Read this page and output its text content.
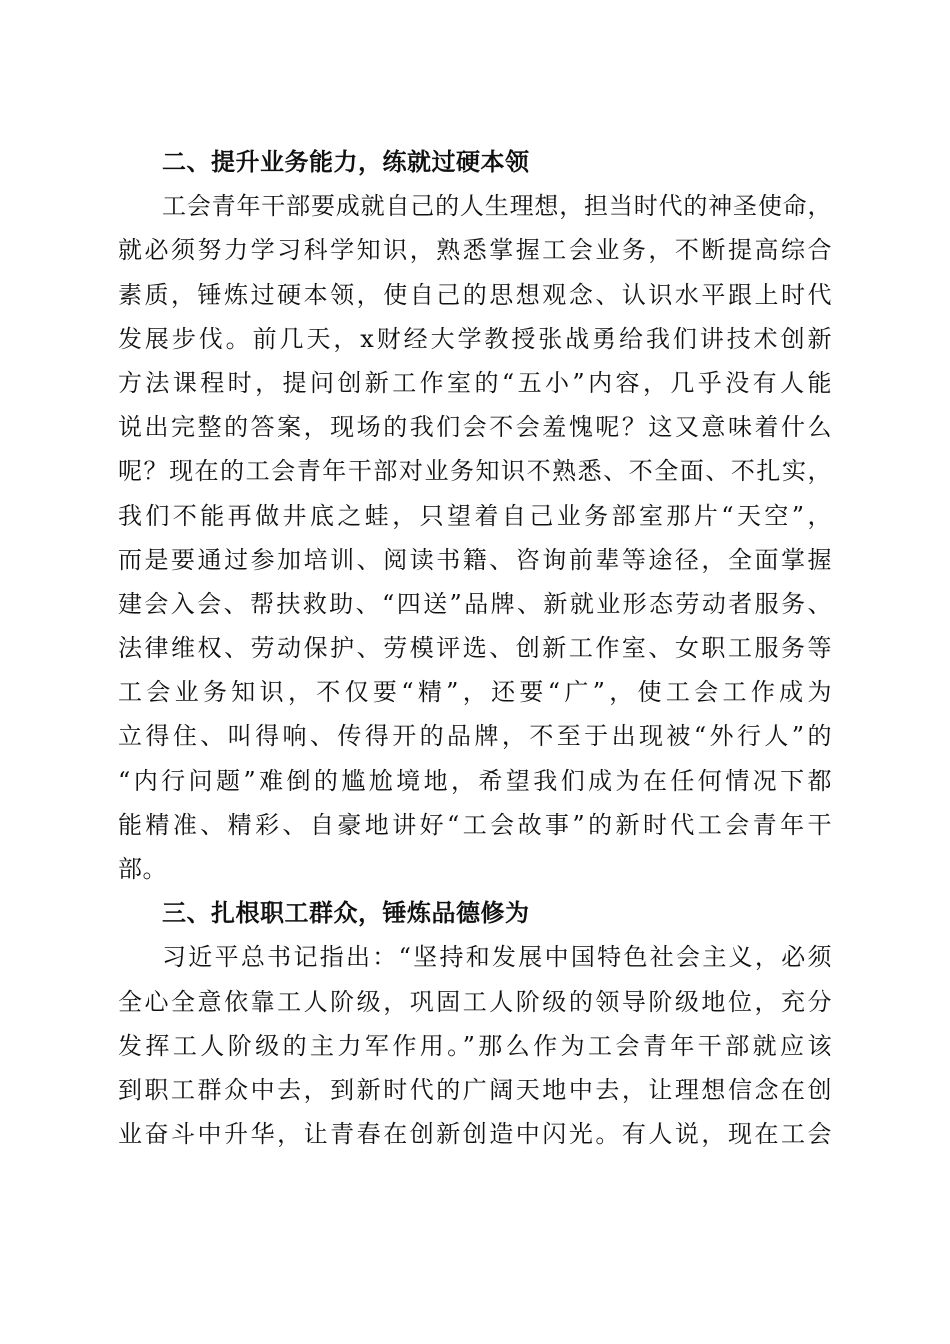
二、提升业务能力，练就过硬本领
工会青年干部要成就自己的人生理想，担当时代的神圣使命，
就必须努力学习科学知识，熟悉掌握工会业务，不断提高综合
素质，锤炼过硬本领，使自己的思想观念、认识水平跟上时代
发展步伐。前几天，x财经大学教授张战勇给我们讲技术创新
方法课程时，提问创新工作室的“五小”内容，几乎没有人能
说出完整的答案，现场的我们会不会羞愧呢？这又意味着什么
呢？现在的工会青年干部对业务知识不熟悉、不全面、不扎实，
我们不能再做井底之蛙，只望着自己业务部室那片“天空”，
而是要通过参加培训、阅读书籍、咨询前辈等途径，全面掌握
建会入会、帮扶救助、“四送”品牌、新就业形态劳动者服务、
法律维权、劳动保护、劳模评选、创新工作室、女职工服务等
工会业务知识，不仅要“精”，还要“广”，使工会工作成为
立得住、叫得响、传得开的品牌，不至于出现被“外行人”的
“内行问题”难倒的尴尬境地，希望我们成为在任何情况下都
能精准、精彩、自豪地讲好“工会故事”的新时代工会青年干
部。
三、扎根职工群众，锤炼品德修为
习近平总书记指出：“坚持和发展中国特色社会主义，必须
全心全意依靠工人阶级，巩固工人阶级的领导阶级地位，充分
发挥工人阶级的主力军作用。”那么作为工会青年干部就应该
到职工群众中去，到新时代的广阔天地中去，让理想信念在创
业奋斗中升华，让青春在创新创造中闪光。有人说，现在工会
